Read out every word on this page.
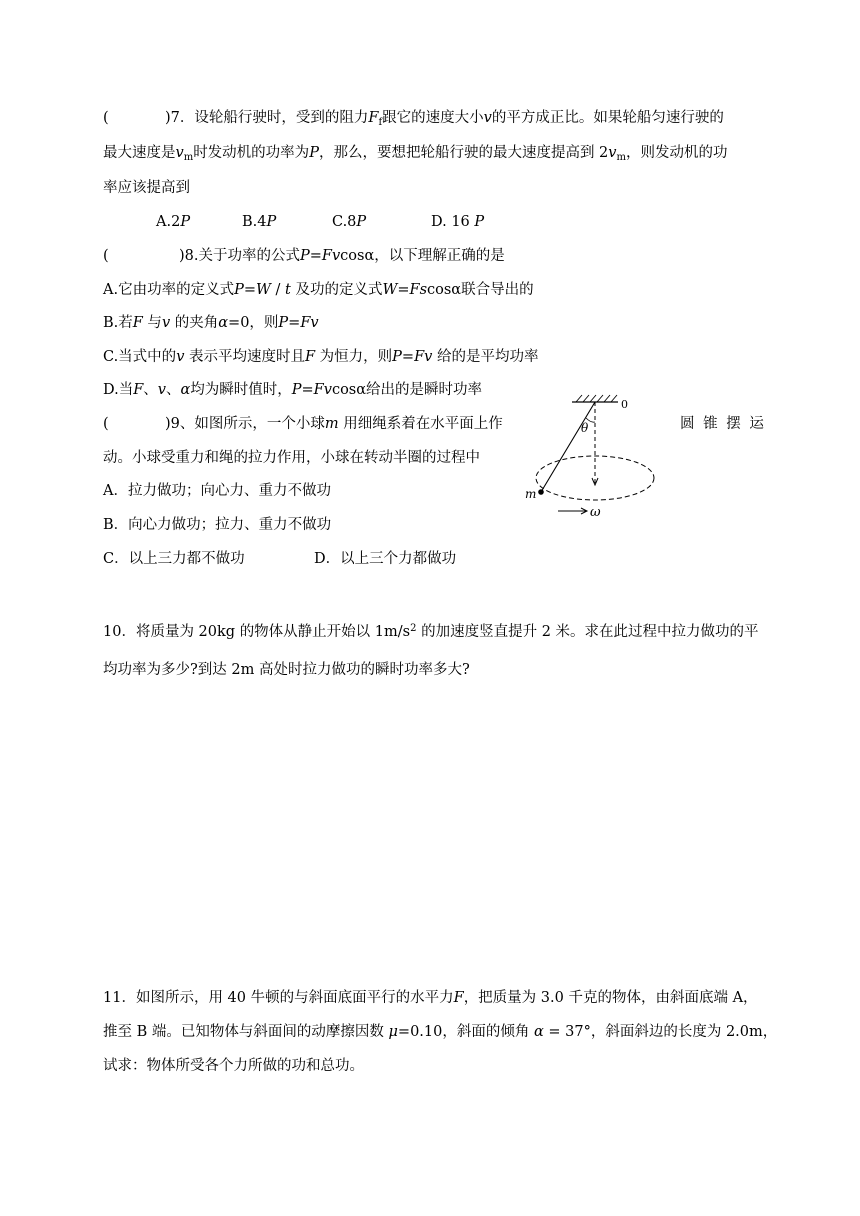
(	)7．设轮船行驶时，受到的阻力$F_f$跟它的速度大小v的平方成正比。如果轮船匀速行驶的
最大速度是$v_m$时发动机的功率为P，那么，要想把轮船行驶的最大速度提高到 $2v_m$，则发动机的功
率应该提高到
A.2P	B.4P	C.8P	D. 16 P
(	)8.关于功率的公式P=Fvcosα，以下理解正确的是
A.它由功率的定义式P=W / t 及功的定义式W=Fscosα联合导出的
B.若F 与v 的夹角α=0，则P=Fv
C.当式中的v 表示平均速度时且F 为恒力，则P=Fv 给的是平均功率
D.当F、v、α均为瞬时值时，P=Fvcosα给出的是瞬时功率
(	)9、如图所示，一个小球m 用细绳系着在水平面上作	圆 锥 摆 运
动。小球受重力和绳的拉力作用，小球在转动半圈的过程中
A．拉力做功；向心力、重力不做功
B．向心力做功；拉力、重力不做功
C．以上三力都不做功	D．以上三个力都做功
0
θ
m
ω
10．将质量为 20kg 的物体从静止开始以 $1m/s^2$ 的加速度竖直提升 2 米。求在此过程中拉力做功的平
均功率为多少?到达 2m 高处时拉力做功的瞬时功率多大?
11．如图所示，用 40 牛顿的与斜面底面平行的水平力F，把质量为 3.0 千克的物体，由斜面底端 A，
推至 B 端。已知物体与斜面间的动摩擦因数 μ=0.10，斜面的倾角 α = 37°，斜面斜边的长度为 2.0m，
试求：物体所受各个力所做的功和总功。
